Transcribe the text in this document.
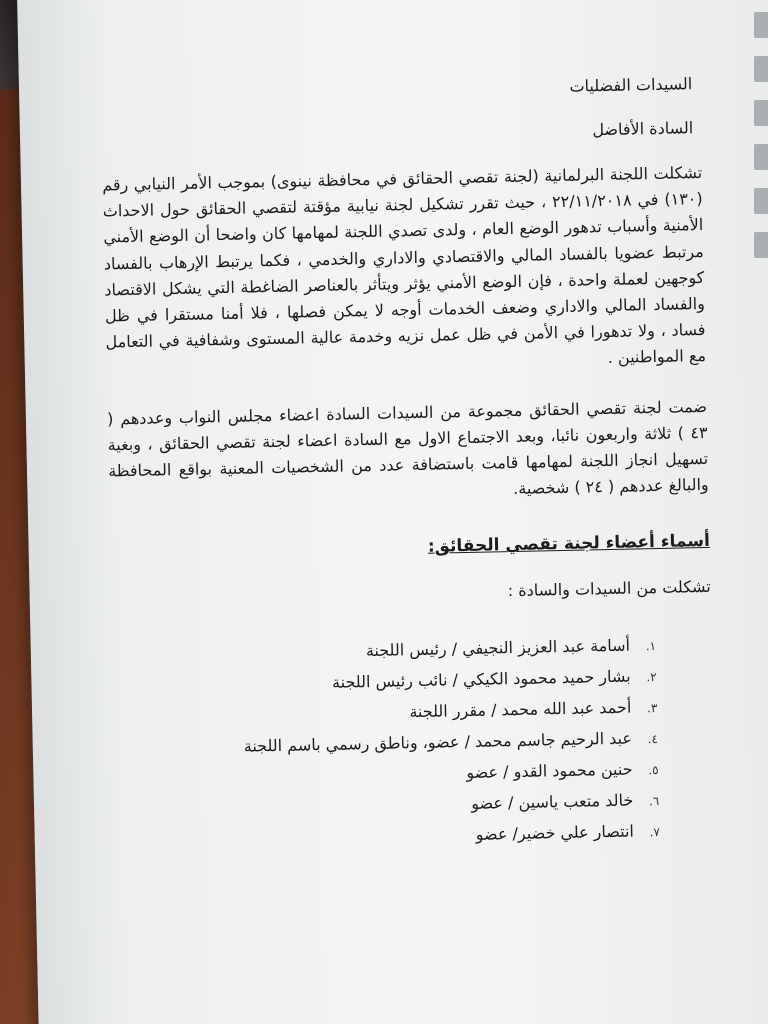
السيدات الفضليات
السادة الأفاضل

تشكلت اللجنة البرلمانية (لجنة تقصي الحقائق في محافظة نينوى) بموجب الأمر النيابي رقم (١٣٠) في ٢٢/١١/٢٠١٨ ، حيث تقرر تشكيل لجنة نيابية مؤقتة لتقصي الحقائق حول الاحداث الأمنية وأسباب تدهور الوضع العام ، ولدى تصدي اللجنة لمهامها كان واضحا أن الوضع الأمني مرتبط عضويا بالفساد المالي والاقتصادي والاداري والخدمي ، فكما يرتبط الإرهاب بالفساد كوجهين لعملة واحدة ، فإن الوضع الأمني يؤثر ويتأثر بالعناصر الضاغطة التي يشكل الاقتصاد والفساد المالي والاداري وضعف الخدمات أوجه لا يمكن فصلها ، فلا أمنا مستقرا في ظل فساد ، ولا تدهورا في الأمن في ظل عمل نزيه وخدمة عالية المستوى وشفافية في التعامل مع المواطنين .

ضمت لجنة تقصي الحقائق مجموعة من السيدات السادة اعضاء مجلس النواب وعددهم ( ٤٣ ) ثلاثة واربعون نائبا، وبعد الاجتماع الاول مع السادة اعضاء لجنة تقصي الحقائق ، وبغية تسهيل انجاز اللجنة لمهامها قامت باستضافة عدد من الشخصيات المعنية بواقع المحافظة والبالغ عددهم ( ٢٤ ) شخصية.

أسماء أعضاء لجنة تقصي الحقائق:
تشكلت من السيدات والسادة :
١.
أسامة عبد العزيز النجيفي / رئيس اللجنة
٢.
بشار حميد محمود الكيكي / نائب رئيس اللجنة
٣.
أحمد عبد الله محمد / مقرر اللجنة
٤.
عبد الرحيم جاسم محمد / عضو، وناطق رسمي باسم اللجنة
٥.
حنين محمود القدو / عضو
٦.
خالد متعب ياسين / عضو
٧.
انتصار علي خضير/ عضو
